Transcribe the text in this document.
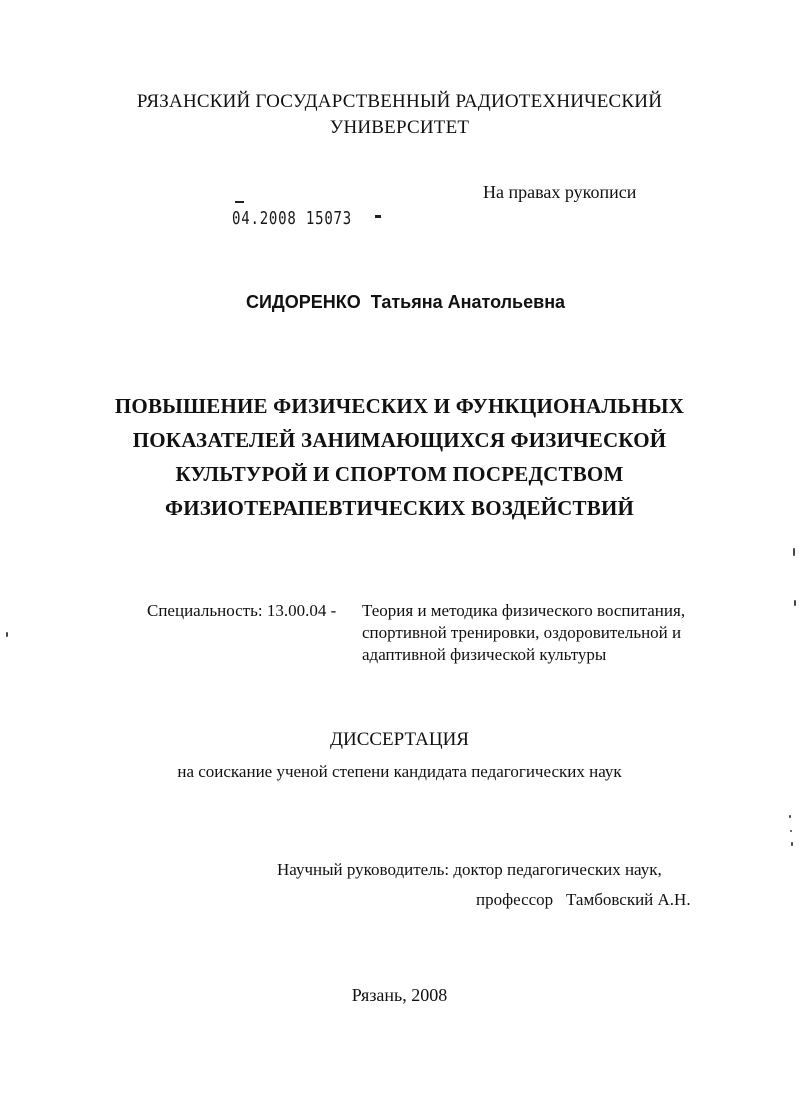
РЯЗАНСКИЙ ГОСУДАРСТВЕННЫЙ РАДИОТЕХНИЧЕСКИЙ
УНИВЕРСИТЕТ
На правах рукописи
04.2008 15073
СИДОРЕНКО Татьяна Анатольевна
ПОВЫШЕНИЕ ФИЗИЧЕСКИХ И ФУНКЦИОНАЛЬНЫХ
ПОКАЗАТЕЛЕЙ ЗАНИМАЮЩИХСЯ ФИЗИЧЕСКОЙ
КУЛЬТУРОЙ И СПОРТОМ ПОСРЕДСТВОМ
ФИЗИОТЕРАПЕВТИЧЕСКИХ ВОЗДЕЙСТВИЙ
Специальность: 13.00.04 - Теория и методика физического воспитания,
спортивной тренировки, оздоровительной и
адаптивной физической культуры
ДИССЕРТАЦИЯ
на соискание ученой степени кандидата педагогических наук
Научный руководитель: доктор педагогических наук,
профессор Тамбовский А.Н.
Рязань, 2008
